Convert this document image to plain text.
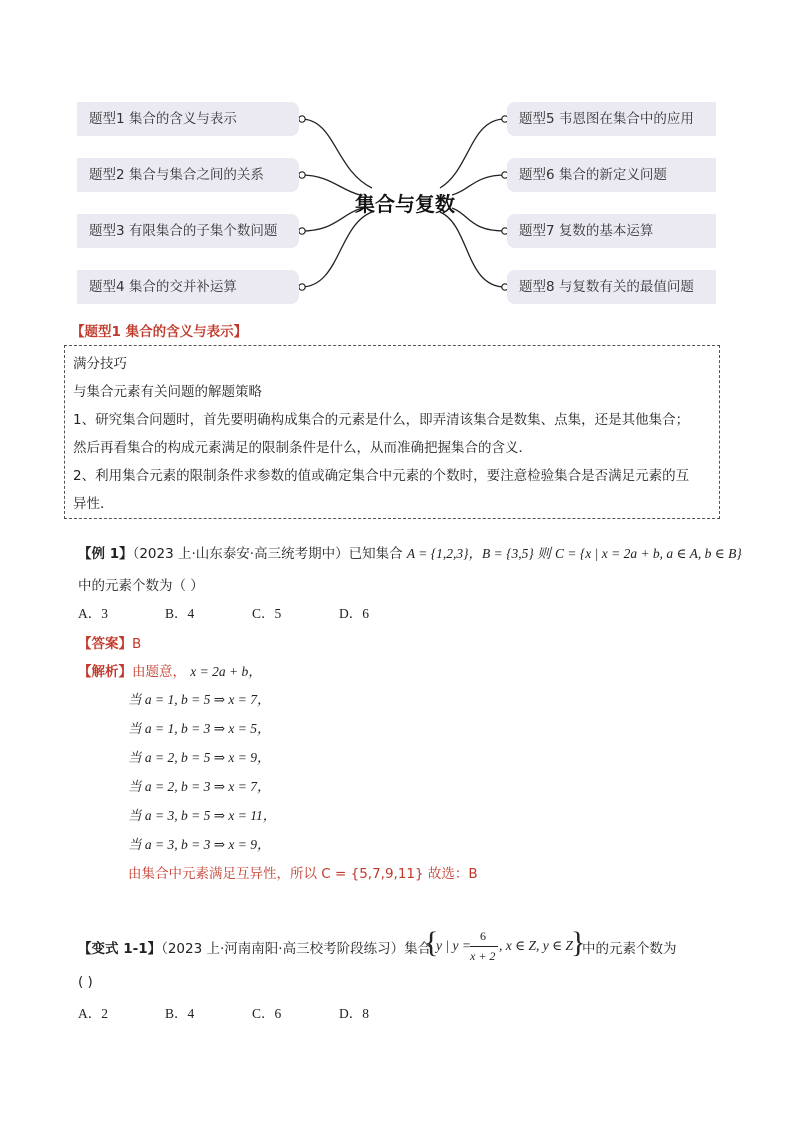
题型1 集合的含义与表示
题型2 集合与集合之间的关系
题型3 有限集合的子集个数问题
题型4 集合的交并补运算
题型5 韦恩图在集合中的应用
题型6 集合的新定义问题
题型7 复数的基本运算
题型8 与复数有关的最值问题
集合与复数
【题型1 集合的含义与表示】
满分技巧
与集合元素有关问题的解题策略
1、研究集合问题时，首先要明确构成集合的元素是什么，即弄清该集合是数集、点集，还是其他集合；
然后再看集合的构成元素满足的限制条件是什么，从而准确把握集合的含义．
2、利用集合元素的限制条件求参数的值或确定集合中元素的个数时，要注意检验集合是否满足元素的互
异性．
【例 1】（2023 上·山东泰安·高三统考期中）已知集合 A = {1,2,3}，B = {3,5} 则 C = {x | x = 2a + b, a ∈ A, b ∈ B}
中的元素个数为（ ）
A．3	B．4	C．5	D．6
【答案】B
【解析】由题意， x = 2a + b，
当 a = 1, b = 5 ⇒ x = 7，
当 a = 1, b = 3 ⇒ x = 5，
当 a = 2, b = 5 ⇒ x = 9，
当 a = 2, b = 3 ⇒ x = 7，
当 a = 3, b = 5 ⇒ x = 11，
当 a = 3, b = 3 ⇒ x = 9，
由集合中元素满足互异性，所以 C = {5,7,9,11} 故选：B
【变式 1-1】（2023 上·河南南阳·高三校考阶段练习）集合
{
y | y =
6
x + 2
, x ∈ Z, y ∈ Z
}
中的元素个数为
( )
A．2	B．4	C．6	D．8
